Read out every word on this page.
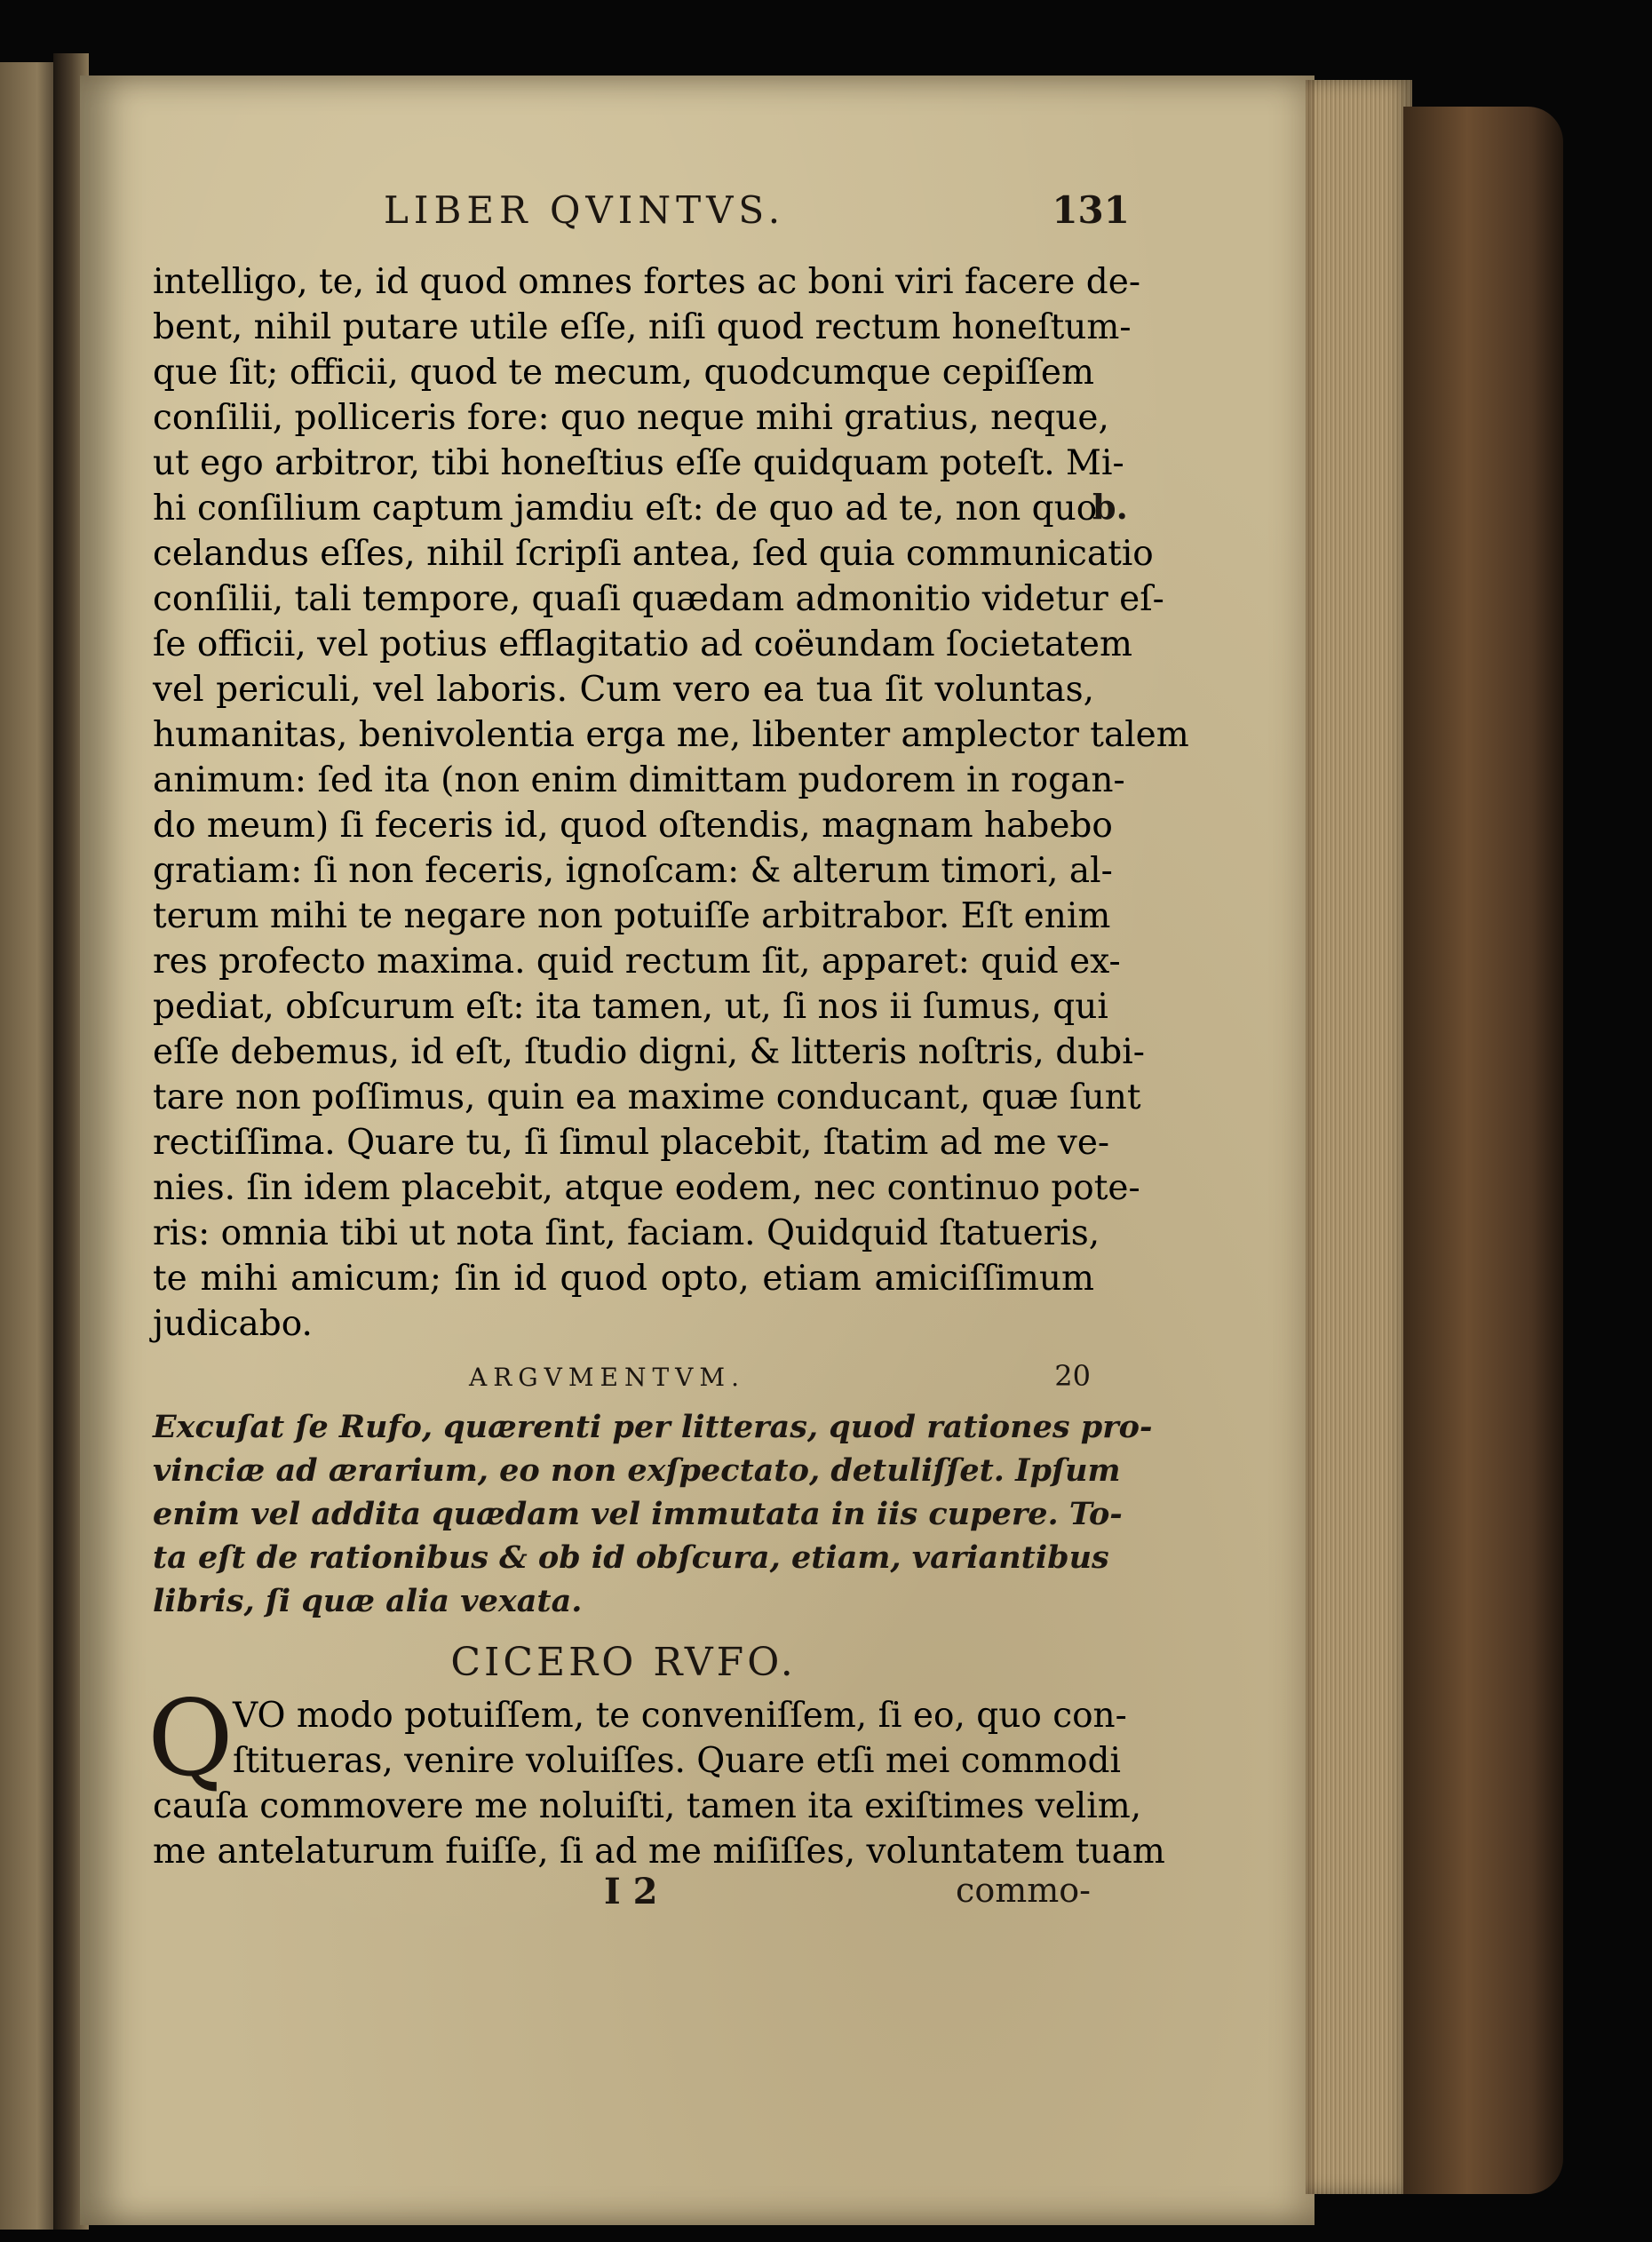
LIBER QVINTVS.	131
intelligo, te, id quod omnes fortes ac boni viri facere de-
bent, nihil putare utile eſſe, niſi quod rectum honeſtum-
que ſit; officii, quod te mecum, quodcumque cepiſſem
conſilii, polliceris fore: quo neque mihi gratius, neque,
ut ego arbitror, tibi honeſtius eſſe quidquam poteſt. Mi-
hi conſilium captum jamdiu eſt: de quo ad te, non quo
celandus eſſes, nihil ſcripſi antea, ſed quia communicatio
conſilii, tali tempore, quaſi quædam admonitio videtur eſ-
ſe officii, vel potius efflagitatio ad coëundam ſocietatem
vel periculi, vel laboris. Cum vero ea tua ſit voluntas,
humanitas, benivolentia erga me, libenter amplector talem
animum: ſed ita (non enim dimittam pudorem in rogan-
do meum) ſi feceris id, quod oſtendis, magnam habebo
gratiam: ſi non feceris, ignoſcam: & alterum timori, al-
terum mihi te negare non potuiſſe arbitrabor. Eſt enim
res profecto maxima. quid rectum ſit, apparet: quid ex-
pediat, obſcurum eſt: ita tamen, ut, ſi nos ii ſumus, qui
eſſe debemus, id eſt, ſtudio digni, & litteris noſtris, dubi-
tare non poſſimus, quin ea maxime conducant, quæ ſunt
rectiſſima. Quare tu, ſi ſimul placebit, ſtatim ad me ve-
nies. ſin idem placebit, atque eodem, nec continuo pote-
ris: omnia tibi ut nota ſint, faciam. Quidquid ſtatueris,
te mihi amicum; ſin id quod opto, etiam amiciſſimum
judicabo.
b.
ARGVMENTVM.	20
Excuſat ſe Rufo, quærenti per litteras, quod rationes pro-
vinciæ ad ærarium, eo non exſpectato, detuliſſet. Ipſum
enim vel addita quædam vel immutata in iis cupere. To-
ta eſt de rationibus & ob id obſcura, etiam, variantibus
libris, ſi quæ alia vexata.
CICERO RVFO.
Q VO modo potuiſſem, te conveniſſem, ſi eo, quo con-
ſtitueras, venire voluiſſes. Quare etſi mei commodi
cauſa commovere me noluiſti, tamen ita exiſtimes velim,
me antelaturum fuiſſe, ſi ad me miſiſſes, voluntatem tuam
I 2	commo-
